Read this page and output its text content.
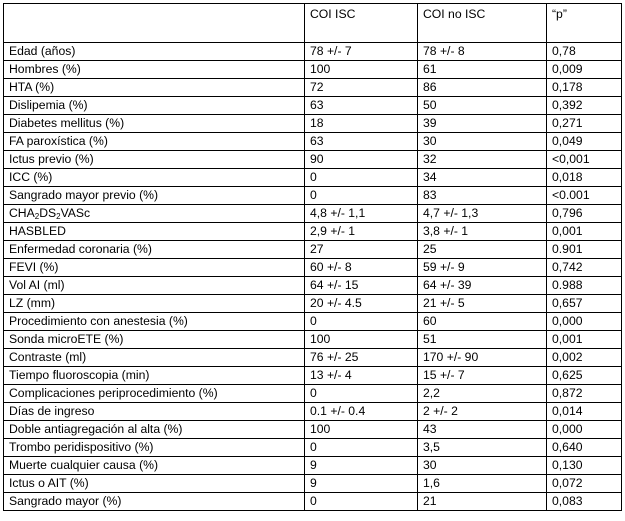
	COI ISC	COI no ISC	“p”
Edad (años)	78 +/- 7	78 +/- 8	0,78
Hombres (%)	100	61	0,009
HTA (%)	72	86	0,178
Dislipemia (%)	63	50	0,392
Diabetes mellitus (%)	18	39	0,271
FA paroxística (%)	63	30	0,049
Ictus previo (%)	90	32	<0,001
ICC (%)	0	34	0,018
Sangrado mayor previo (%)	0	83	<0.001
$CHA_2DS_2VASc$	4,8 +/- 1,1	4,7 +/- 1,3	0,796
HASBLED	2,9 +/- 1	3,8 +/- 1	0,001
Enfermedad coronaria (%)	27	25	0.901
FEVI (%)	60 +/- 8	59 +/- 9	0,742
Vol AI (ml)	64 +/- 15	64 +/- 39	0.988
LZ (mm)	20 +/- 4.5	21 +/- 5	0,657
Procedimiento con anestesia (%)	0	60	0,000
Sonda microETE (%)	100	51	0,001
Contraste (ml)	76 +/- 25	170 +/- 90	0,002
Tiempo fluoroscopia (min)	13 +/- 4	15 +/- 7	0,625
Complicaciones periprocedimiento (%)	0	2,2	0,872
Días de ingreso	0.1 +/- 0.4	2 +/- 2	0,014
Doble antiagregación al alta (%)	100	43	0,000
Trombo peridispositivo (%)	0	3,5	0,640
Muerte cualquier causa (%)	9	30	0,130
Ictus o AIT (%)	9	1,6	0,072
Sangrado mayor (%)	0	21	0,083
